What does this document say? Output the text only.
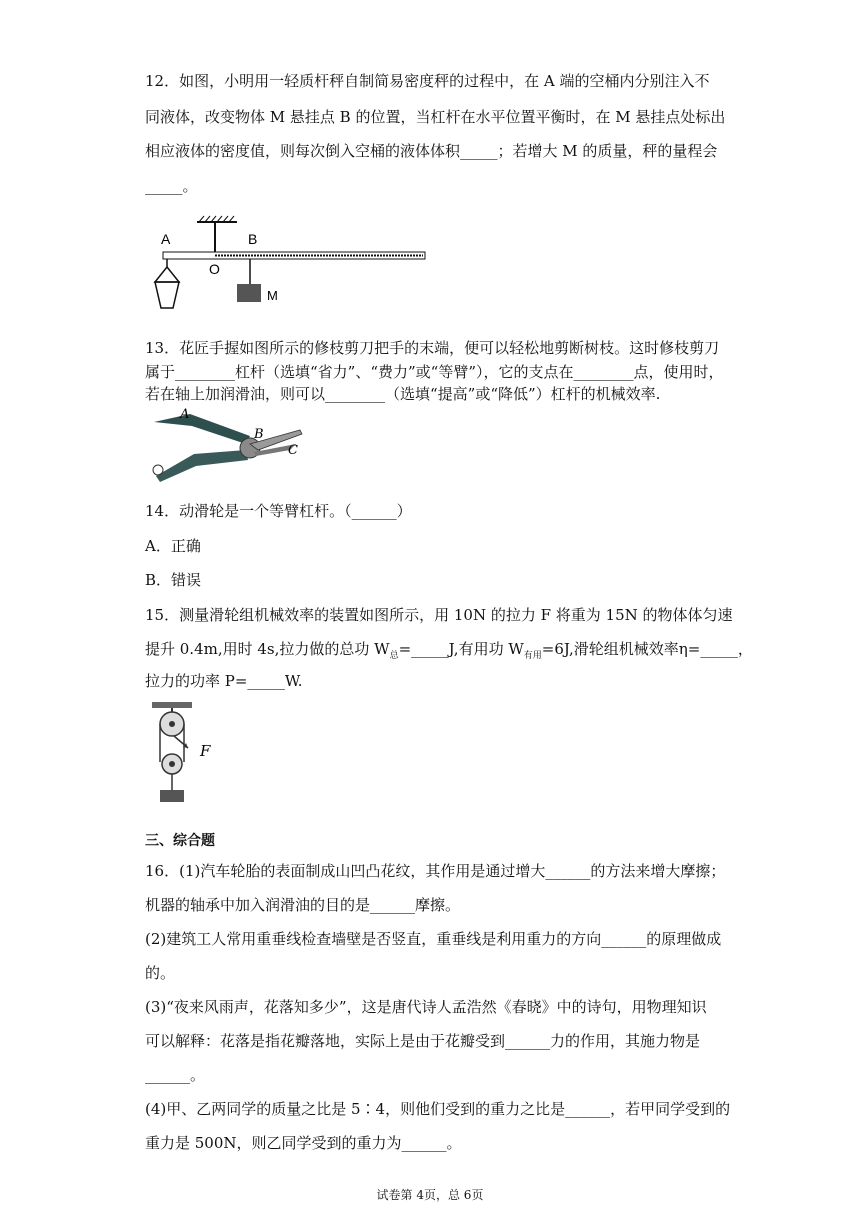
12．如图，小明用一轻质杆秤自制简易密度秤的过程中，在 A 端的空桶内分别注入不

同液体，改变物体 M 悬挂点 B 的位置，当杠杆在水平位置平衡时，在 M 悬挂点处标出

相应液体的密度值，则每次倒入空桶的液体体积_____；若增大 M 的质量，秤的量程会

_____。

A
O
B
M

13．花匠手握如图所示的修枝剪刀把手的末端，便可以轻松地剪断树枝。这时修枝剪刀

属于________杠杆（选填“省力”、“费力”或“等臂”），它的支点在________点，使用时，

若在轴上加润滑油，则可以________（选填“提高”或“降低”）杠杆的机械效率.

A
B
C

14．动滑轮是一个等臂杠杆。（______）

A．正确

B．错误

15．测量滑轮组机械效率的装置如图所示，用 10N 的拉力 F 将重为 15N 的物体体匀速

提升 0.4m,用时 4s,拉力做的总功 $W_总=\_\_\_\_\_J$,有用功 $W_{有用}=6J$,滑轮组机械效率η=_____，

拉力的功率 P=_____W.

F
三、综合题

16．(1)汽车轮胎的表面制成山凹凸花纹，其作用是通过增大______的方法来增大摩擦；

机器的轴承中加入润滑油的目的是______摩擦。

(2)建筑工人常用重垂线检查墙壁是否竖直，重垂线是利用重力的方向______的原理做成

的。

(3)“夜来风雨声，花落知多少”，这是唐代诗人孟浩然《春晓》中的诗句，用物理知识

可以解释：花落是指花瓣落地，实际上是由于花瓣受到______力的作用，其施力物是

______。

(4)甲、乙两同学的质量之比是 5∶4，则他们受到的重力之比是______，若甲同学受到的

重力是 500N，则乙同学受到的重力为______。

试卷第 4页，总 6页
